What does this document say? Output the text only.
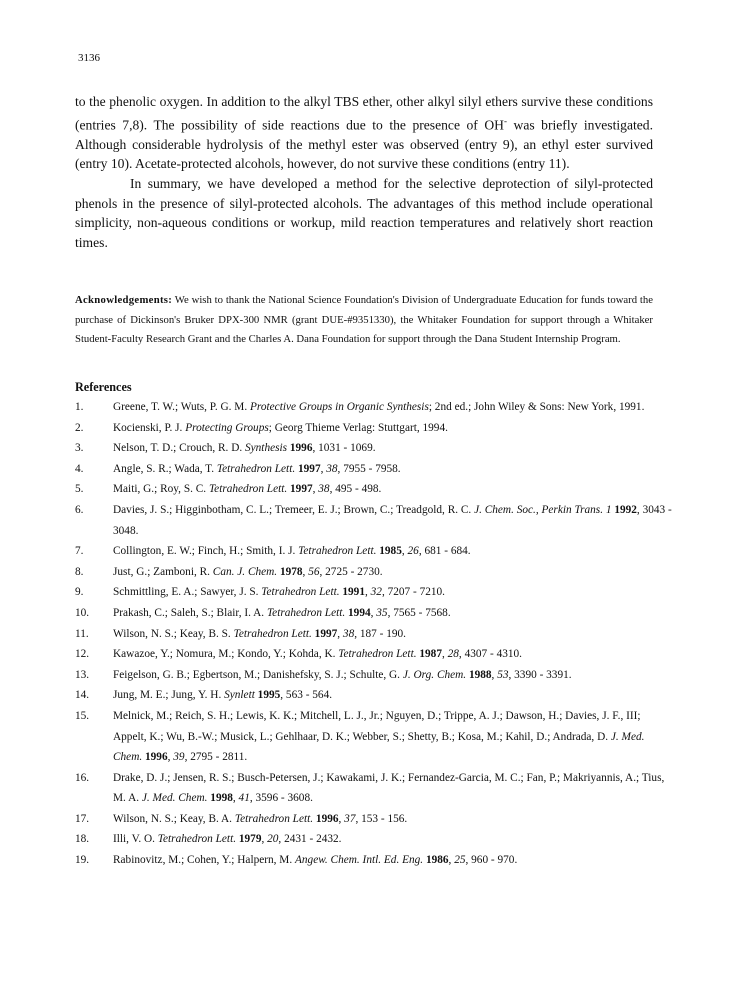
3136

to the phenolic oxygen. In addition to the alkyl TBS ether, other alkyl silyl ethers survive these conditions (entries 7,8). The possibility of side reactions due to the presence of OH- was briefly investigated. Although considerable hydrolysis of the methyl ester was observed (entry 9), an ethyl ester survived (entry 10). Acetate-protected alcohols, however, do not survive these conditions (entry 11).

In summary, we have developed a method for the selective deprotection of silyl-protected phenols in the presence of silyl-protected alcohols. The advantages of this method include operational simplicity, non-aqueous conditions or workup, mild reaction temperatures and relatively short reaction times.

Acknowledgements: We wish to thank the National Science Foundation's Division of Undergraduate Education for funds toward the purchase of Dickinson's Bruker DPX-300 NMR (grant DUE-#9351330), the Whitaker Foundation for support through a Whitaker Student-Faculty Research Grant and the Charles A. Dana Foundation for support through the Dana Student Internship Program.
References
1.	Greene, T. W.; Wuts, P. G. M. Protective Groups in Organic Synthesis; 2nd ed.; John Wiley & Sons: New York, 1991.
2.	Kocienski, P. J. Protecting Groups; Georg Thieme Verlag: Stuttgart, 1994.
3.	Nelson, T. D.; Crouch, R. D. Synthesis 1996, 1031 - 1069.
4.	Angle, S. R.; Wada, T. Tetrahedron Lett. 1997, 38, 7955 - 7958.
5.	Maiti, G.; Roy, S. C. Tetrahedron Lett. 1997, 38, 495 - 498.
6.	Davies, J. S.; Higginbotham, C. L.; Tremeer, E. J.; Brown, C.; Treadgold, R. C. J. Chem. Soc., Perkin Trans. 1 1992, 3043 - 3048.
7.	Collington, E. W.; Finch, H.; Smith, I. J. Tetrahedron Lett. 1985, 26, 681 - 684.
8.	Just, G.; Zamboni, R. Can. J. Chem. 1978, 56, 2725 - 2730.
9.	Schmittling, E. A.; Sawyer, J. S. Tetrahedron Lett. 1991, 32, 7207 - 7210.
10.	Prakash, C.; Saleh, S.; Blair, I. A. Tetrahedron Lett. 1994, 35, 7565 - 7568.
11.	Wilson, N. S.; Keay, B. S. Tetrahedron Lett. 1997, 38, 187 - 190.
12.	Kawazoe, Y.; Nomura, M.; Kondo, Y.; Kohda, K. Tetrahedron Lett. 1987, 28, 4307 - 4310.
13.	Feigelson, G. B.; Egbertson, M.; Danishefsky, S. J.; Schulte, G. J. Org. Chem. 1988, 53, 3390 - 3391.
14.	Jung, M. E.; Jung, Y. H. Synlett 1995, 563 - 564.
15.	Melnick, M.; Reich, S. H.; Lewis, K. K.; Mitchell, L. J., Jr.; Nguyen, D.; Trippe, A. J.; Dawson, H.; Davies, J. F., III; Appelt, K.; Wu, B.-W.; Musick, L.; Gehlhaar, D. K.; Webber, S.; Shetty, B.; Kosa, M.; Kahil, D.; Andrada, D. J. Med. Chem. 1996, 39, 2795 - 2811.
16.	Drake, D. J.; Jensen, R. S.; Busch-Petersen, J.; Kawakami, J. K.; Fernandez-Garcia, M. C.; Fan, P.; Makriyannis, A.; Tius, M. A. J. Med. Chem. 1998, 41, 3596 - 3608.
17.	Wilson, N. S.; Keay, B. A. Tetrahedron Lett. 1996, 37, 153 - 156.
18.	Illi, V. O. Tetrahedron Lett. 1979, 20, 2431 - 2432.
19.	Rabinovitz, M.; Cohen, Y.; Halpern, M. Angew. Chem. Intl. Ed. Eng. 1986, 25, 960 - 970.
